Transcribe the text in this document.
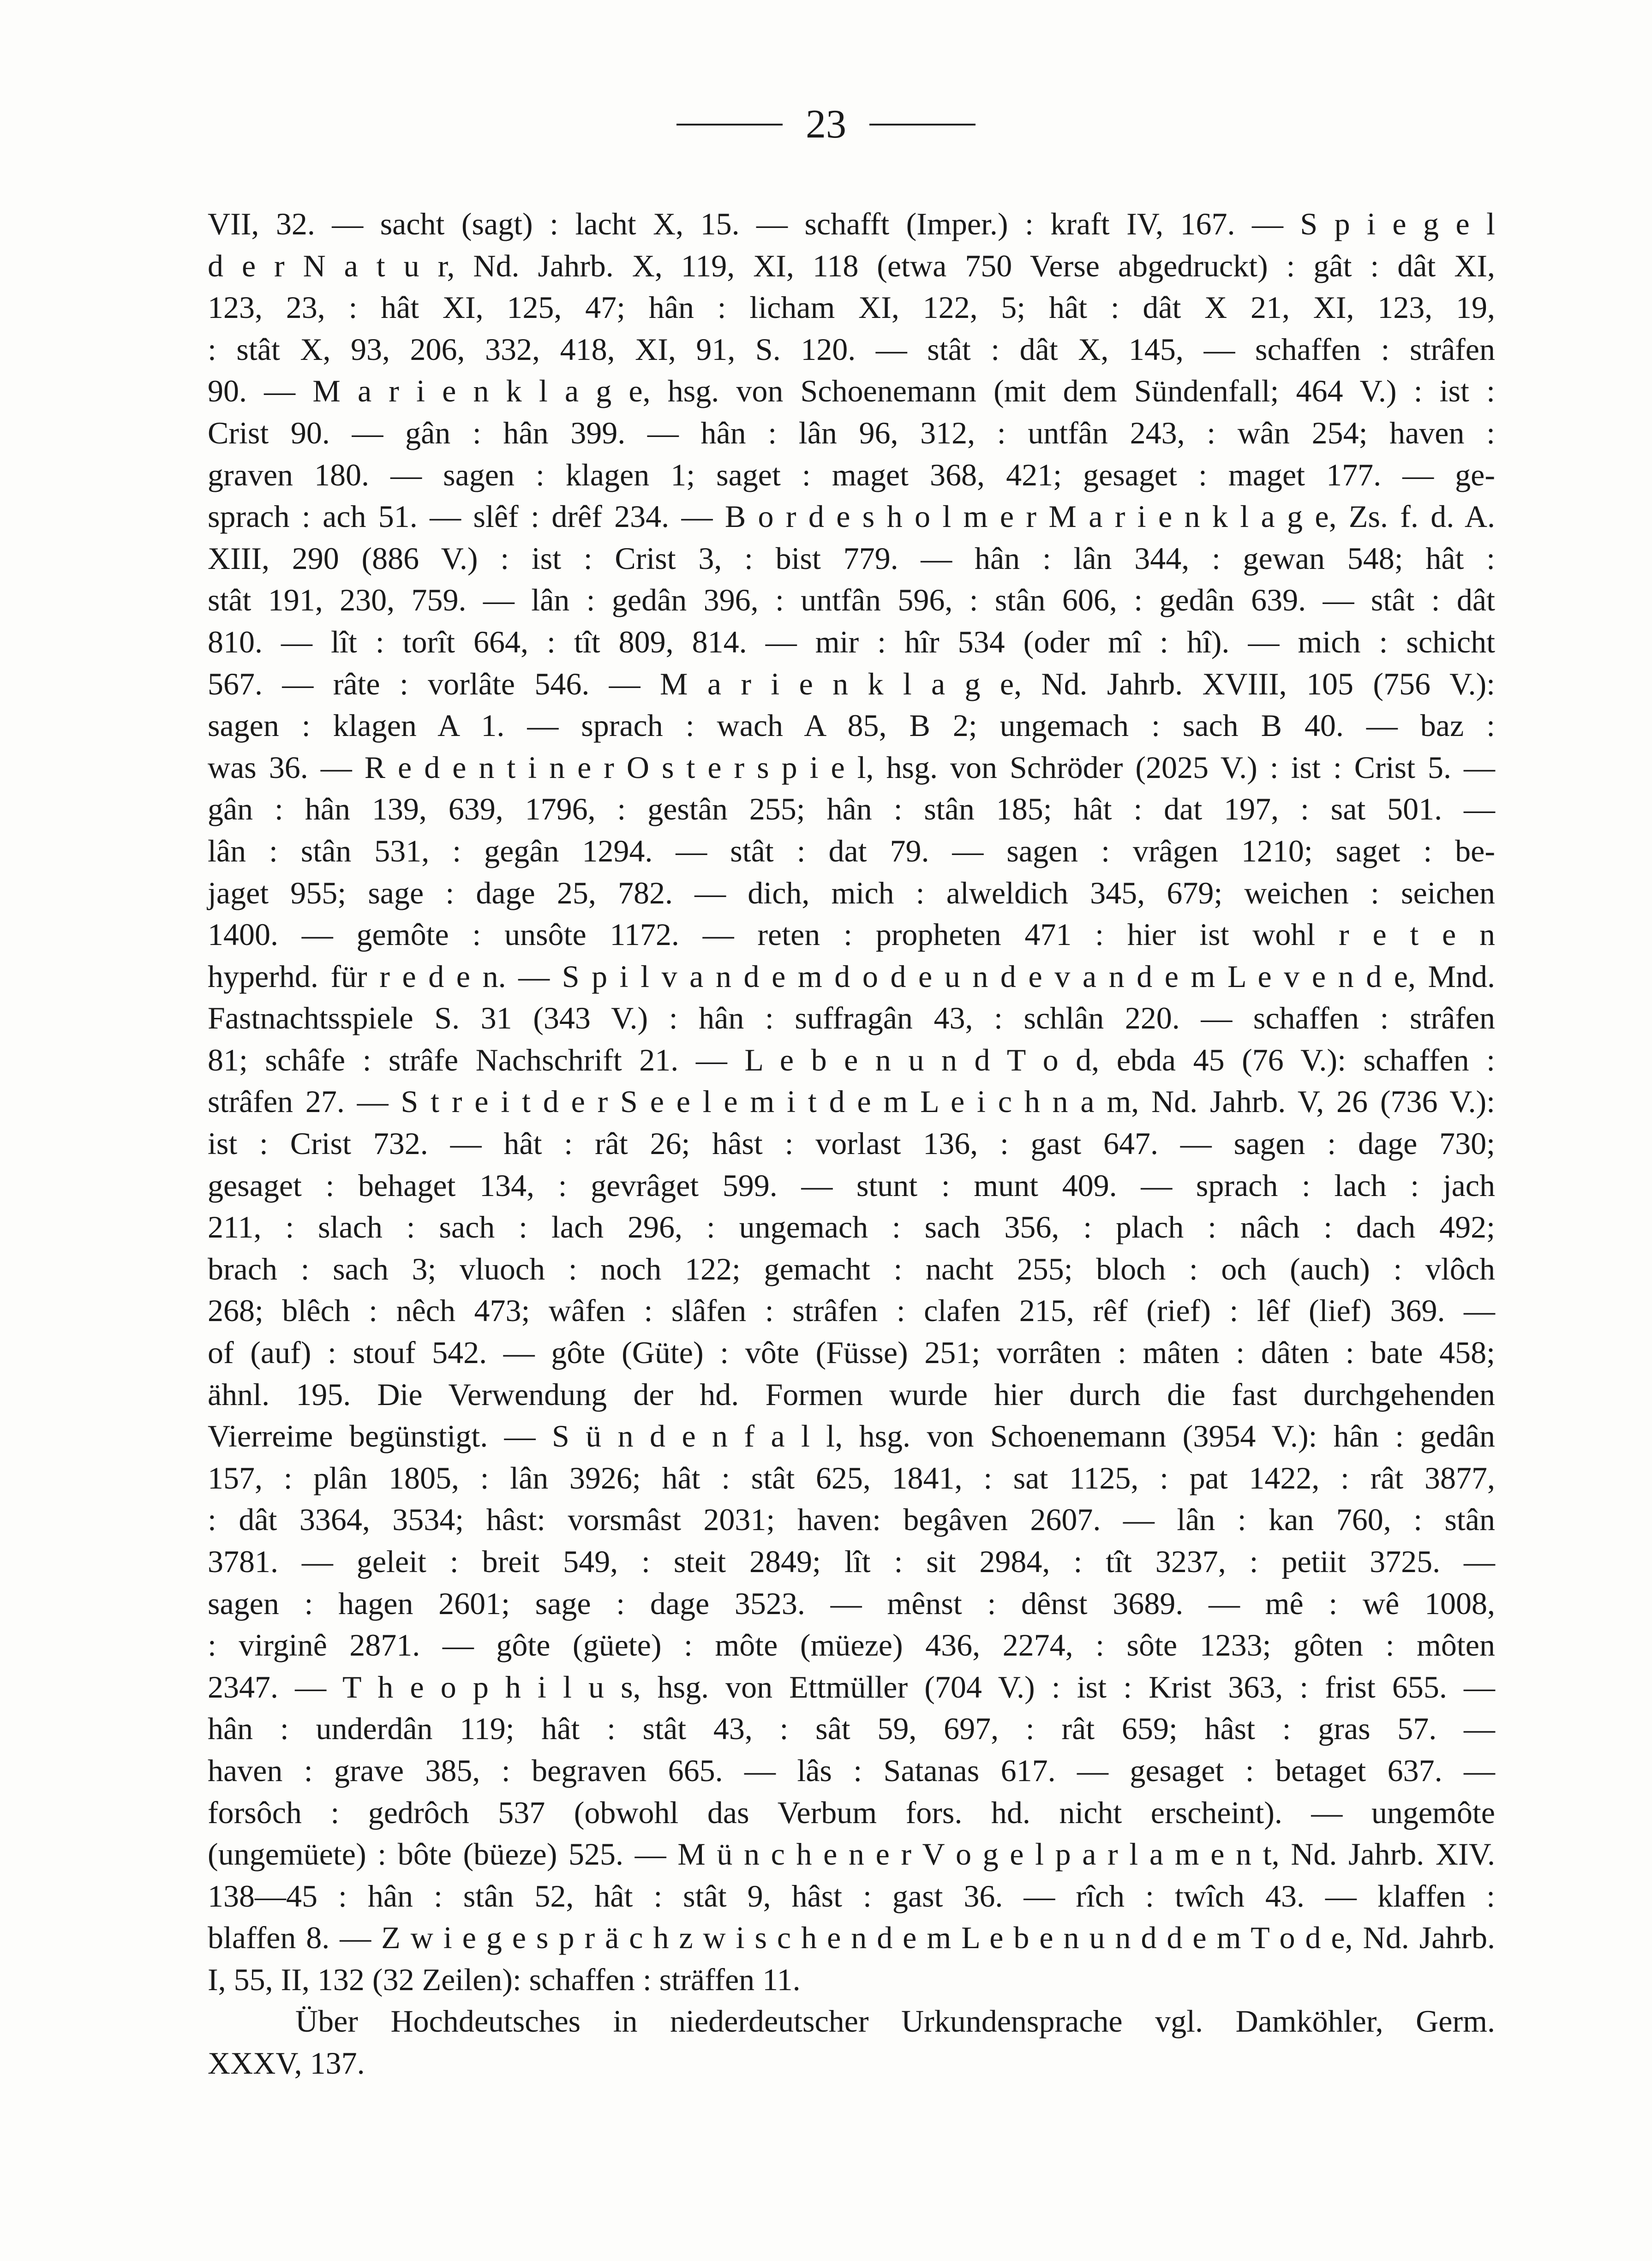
23
VII, 32. — sacht (sagt) : lacht X, 15. — schafft (Imper.) : kraft IV, 167. — S p i e g e l
d e r N a t u r, Nd. Jahrb. X, 119, XI, 118 (etwa 750 Verse abgedruckt) : gât : dât XI,
123, 23, : hât XI, 125, 47; hân : licham XI, 122, 5; hât : dât X 21, XI, 123, 19,
: stât X, 93, 206, 332, 418, XI, 91, S. 120. — stât : dât X, 145, — schaffen : strâfen
90. — M a r i e n k l a g e, hsg. von Schoenemann (mit dem Sündenfall; 464 V.) : ist :
Crist 90. — gân : hân 399. — hân : lân 96, 312, : untfân 243, : wân 254; haven :
graven 180. — sagen : klagen 1; saget : maget 368, 421; gesaget : maget 177. — ge-
sprach : ach 51. — slêf : drêf 234. — B o r d e s h o l m e r M a r i e n k l a g e, Zs. f. d. A.
XIII, 290 (886 V.) : ist : Crist 3, : bist 779. — hân : lân 344, : gewan 548; hât :
stât 191, 230, 759. — lân : gedân 396, : untfân 596, : stân 606, : gedân 639. — stât : dât
810. — lît : torît 664, : tît 809, 814. — mir : hîr 534 (oder mî : hî). — mich : schicht
567. — râte : vorlâte 546. — M a r i e n k l a g e, Nd. Jahrb. XVIII, 105 (756 V.):
sagen : klagen A 1. — sprach : wach A 85, B 2; ungemach : sach B 40. — baz :
was 36. — R e d e n t i n e r O s t e r s p i e l, hsg. von Schröder (2025 V.) : ist : Crist 5. —
gân : hân 139, 639, 1796, : gestân 255; hân : stân 185; hât : dat 197, : sat 501. —
lân : stân 531, : gegân 1294. — stât : dat 79. — sagen : vrâgen 1210; saget : be-
jaget 955; sage : dage 25, 782. — dich, mich : alweldich 345, 679; weichen : seichen
1400. — gemôte : unsôte 1172. — reten : propheten 471 : hier ist wohl r e t e n
hyperhd. für r e d e n. — S p i l v a n d e m d o d e u n d e v a n d e m L e v e n d e, Mnd.
Fastnachtsspiele S. 31 (343 V.) : hân : suffragân 43, : schlân 220. — schaffen : strâfen
81; schâfe : strâfe Nachschrift 21. — L e b e n u n d T o d, ebda 45 (76 V.): schaffen :
strâfen 27. — S t r e i t d e r S e e l e m i t d e m L e i c h n a m, Nd. Jahrb. V, 26 (736 V.):
ist : Crist 732. — hât : rât 26; hâst : vorlast 136, : gast 647. — sagen : dage 730;
gesaget : behaget 134, : gevrâget 599. — stunt : munt 409. — sprach : lach : jach
211, : slach : sach : lach 296, : ungemach : sach 356, : plach : nâch : dach 492;
brach : sach 3; vluoch : noch 122; gemacht : nacht 255; bloch : och (auch) : vlôch
268; blêch : nêch 473; wâfen : slâfen : strâfen : clafen 215, rêf (rief) : lêf (lief) 369. —
of (auf) : stouf 542. — gôte (Güte) : vôte (Füsse) 251; vorrâten : mâten : dâten : bate 458;
ähnl. 195. Die Verwendung der hd. Formen wurde hier durch die fast durchgehenden
Vierreime begünstigt. — S ü n d e n f a l l, hsg. von Schoenemann (3954 V.): hân : gedân
157, : plân 1805, : lân 3926; hât : stât 625, 1841, : sat 1125, : pat 1422, : rât 3877,
: dât 3364, 3534; hâst: vorsmâst 2031; haven: begâven 2607. — lân : kan 760, : stân
3781. — geleit : breit 549, : steit 2849; lît : sit 2984, : tît 3237, : petiit 3725. —
sagen : hagen 2601; sage : dage 3523. — mênst : dênst 3689. — mê : wê 1008,
: virginê 2871. — gôte (güete) : môte (müeze) 436, 2274, : sôte 1233; gôten : môten
2347. — T h e o p h i l u s, hsg. von Ettmüller (704 V.) : ist : Krist 363, : frist 655. —
hân : underdân 119; hât : stât 43, : sât 59, 697, : rât 659; hâst : gras 57. —
haven : grave 385, : begraven 665. — lâs : Satanas 617. — gesaget : betaget 637. —
forsôch : gedrôch 537 (obwohl das Verbum fors. hd. nicht erscheint). — ungemôte
(ungemüete) : bôte (büeze) 525. — M ü n c h e n e r V o g e l p a r l a m e n t, Nd. Jahrb. XIV.
138—45 : hân : stân 52, hât : stât 9, hâst : gast 36. — rîch : twîch 43. — klaffen :
blaffen 8. — Z w i e g e s p r ä c h z w i s c h e n d e m L e b e n u n d d e m T o d e, Nd. Jahrb.
I, 55, II, 132 (32 Zeilen): schaffen : sträffen 11.
Über Hochdeutsches in niederdeutscher Urkundensprache vgl. Damköhler, Germ.
XXXV, 137.
